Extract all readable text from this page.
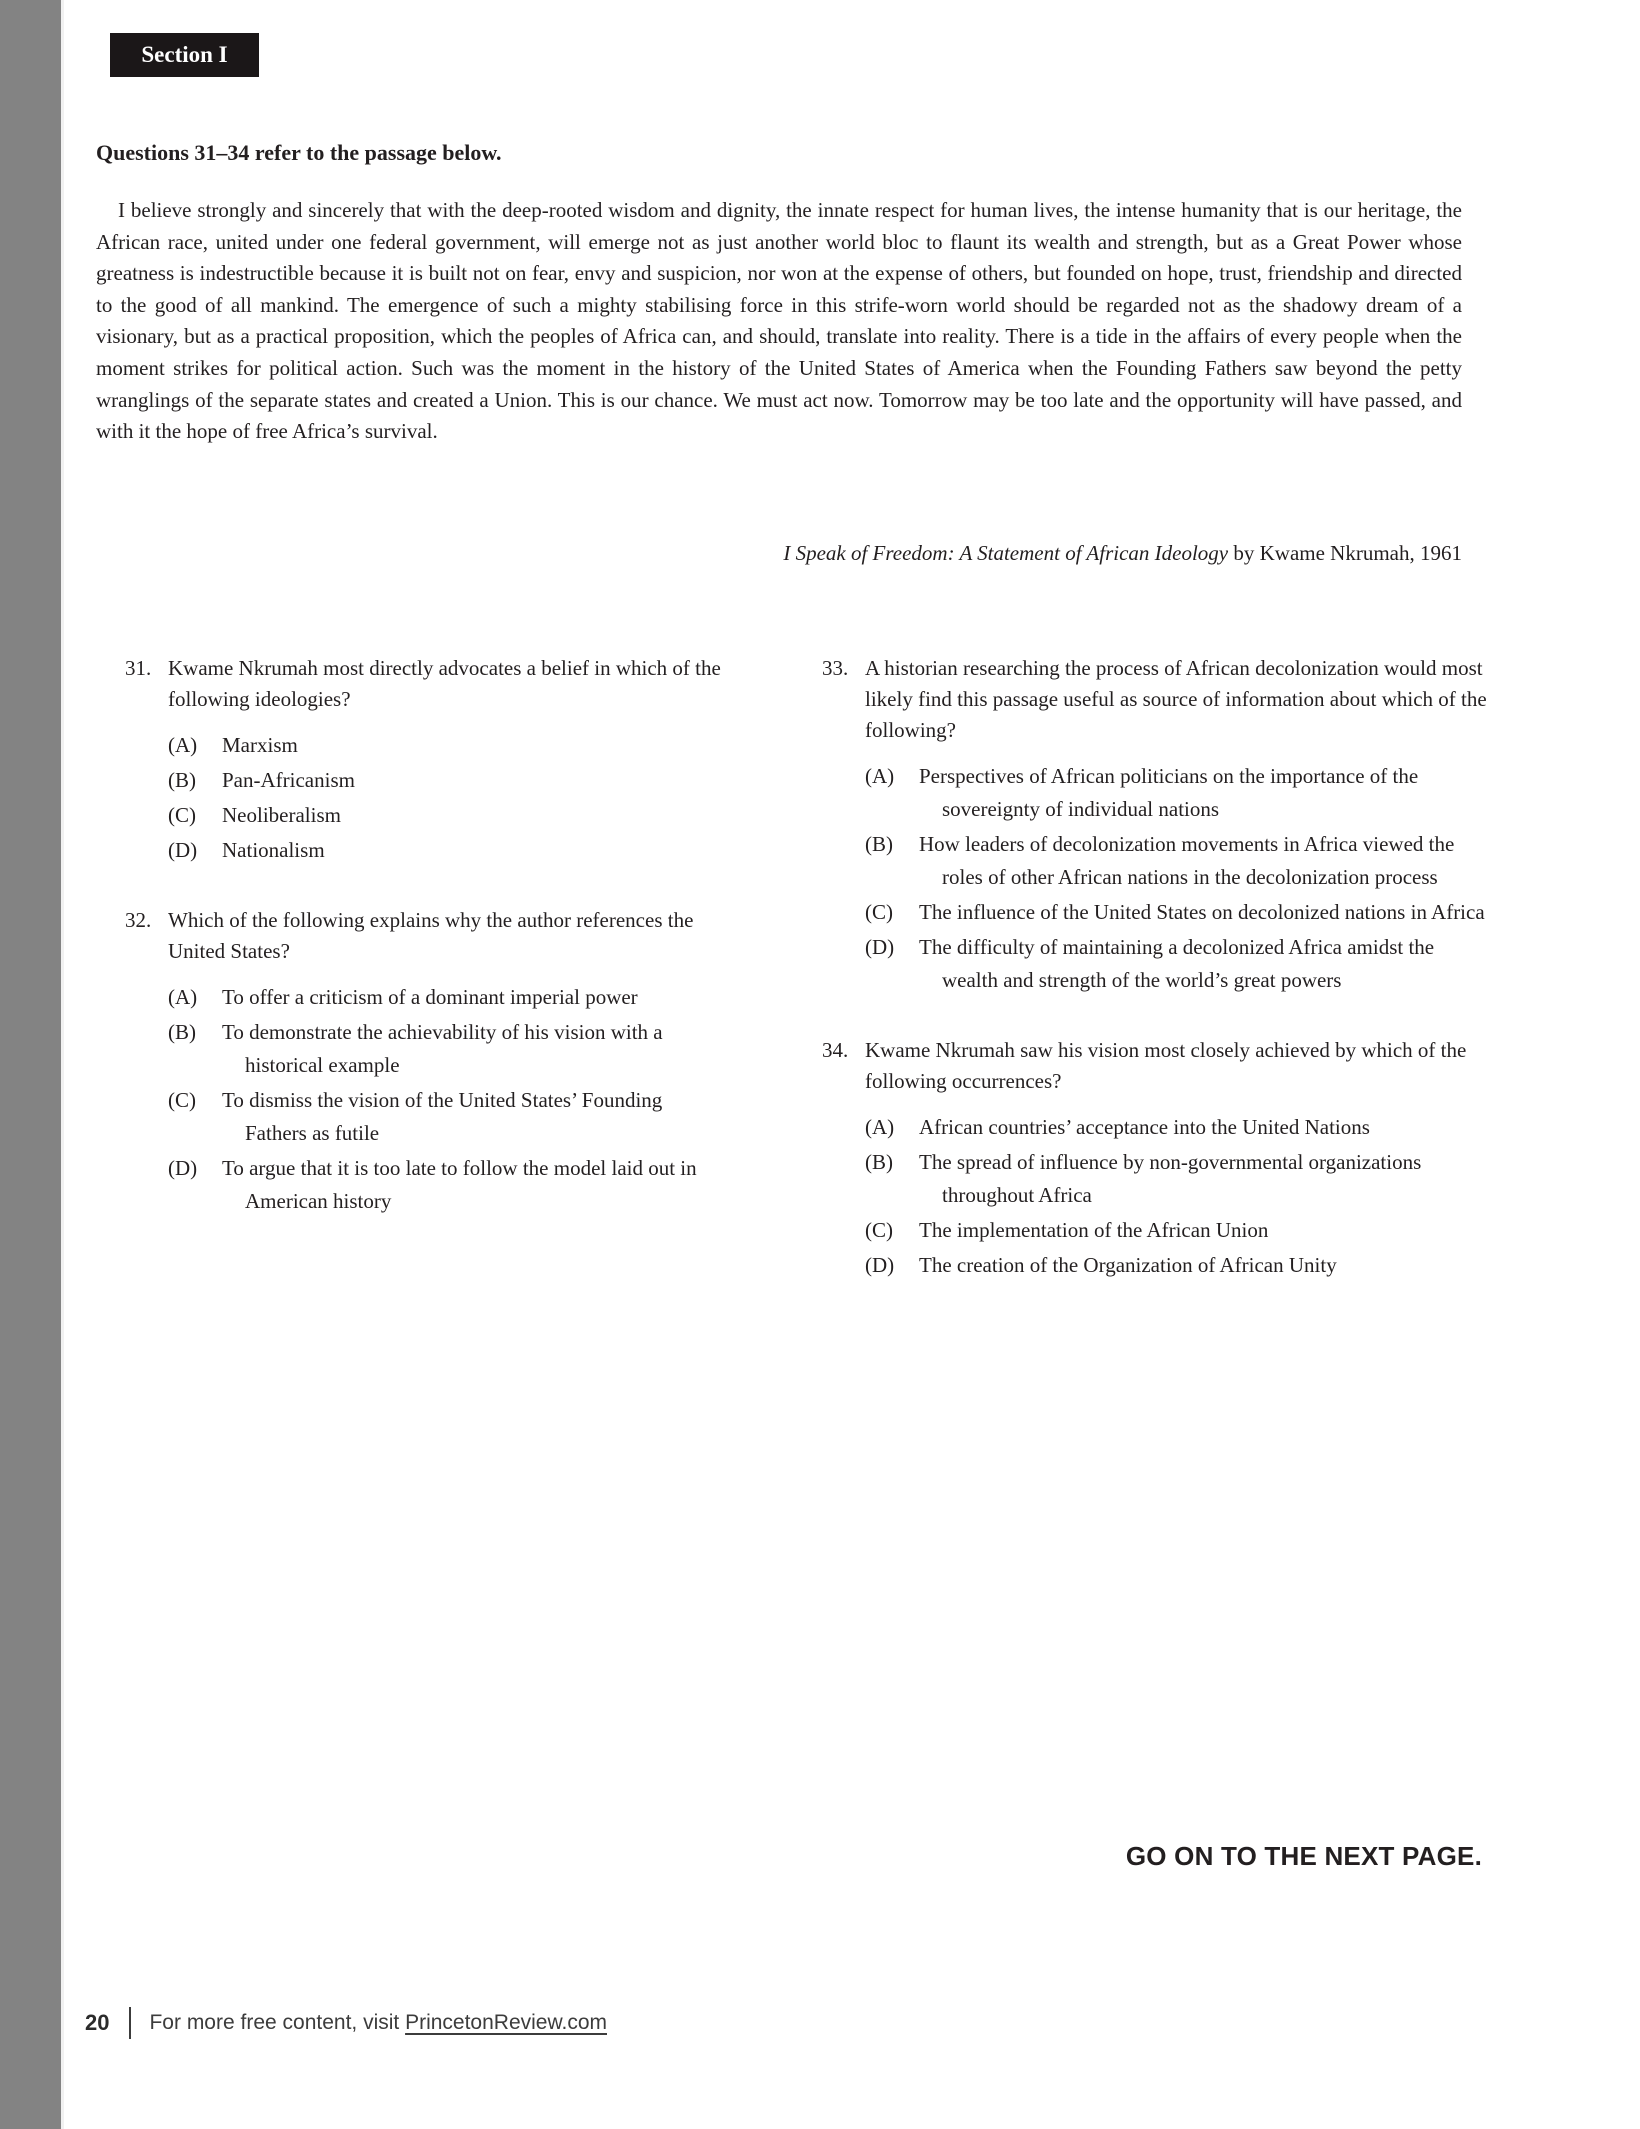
Section I
Questions 31–34 refer to the passage below.

I believe strongly and sincerely that with the deep-rooted wisdom and dignity, the innate respect for human lives, the intense humanity that is our heritage, the African race, united under one federal government, will emerge not as just another world bloc to flaunt its wealth and strength, but as a Great Power whose greatness is indestructible because it is built not on fear, envy and suspicion, nor won at the expense of others, but founded on hope, trust, friendship and directed to the good of all mankind. The emergence of such a mighty stabilising force in this strife-worn world should be regarded not as the shadowy dream of a visionary, but as a practical proposition, which the peoples of Africa can, and should, translate into reality. There is a tide in the affairs of every people when the moment strikes for political action. Such was the moment in the history of the United States of America when the Founding Fathers saw beyond the petty wranglings of the separate states and created a Union. This is our chance. We must act now. Tomorrow may be too late and the opportunity will have passed, and with it the hope of free Africa’s survival.

I Speak of Freedom: A Statement of African Ideology by Kwame Nkrumah, 1961
31. Kwame Nkrumah most directly advocates a belief in which of the following ideologies?

(A)	Marxism
(B)	Pan-Africanism
(C)	Neoliberalism
(D)	Nationalism
32. Which of the following explains why the author references the United States?

(A)	To offer a criticism of a dominant imperial power
(B)	To demonstrate the achievability of his vision with a historical example
(C)	To dismiss the vision of the United States’ Founding Fathers as futile
(D)	To argue that it is too late to follow the model laid out in American history
33. A historian researching the process of African decolonization would most likely find this passage useful as source of information about which of the following?

(A)	Perspectives of African politicians on the importance of the sovereignty of individual nations
(B)	How leaders of decolonization movements in Africa viewed the roles of other African nations in the decolonization process
(C)	The influence of the United States on decolonized nations in Africa
(D)	The difficulty of maintaining a decolonized Africa amidst the wealth and strength of the world’s great powers
34. Kwame Nkrumah saw his vision most closely achieved by which of the following occurrences?

(A)	African countries’ acceptance into the United Nations
(B)	The spread of influence by non-governmental organizations throughout Africa
(C)	The implementation of the African Union
(D)	The creation of the Organization of African Unity
GO ON TO THE NEXT PAGE.
20 For more free content, visit PrincetonReview.com
